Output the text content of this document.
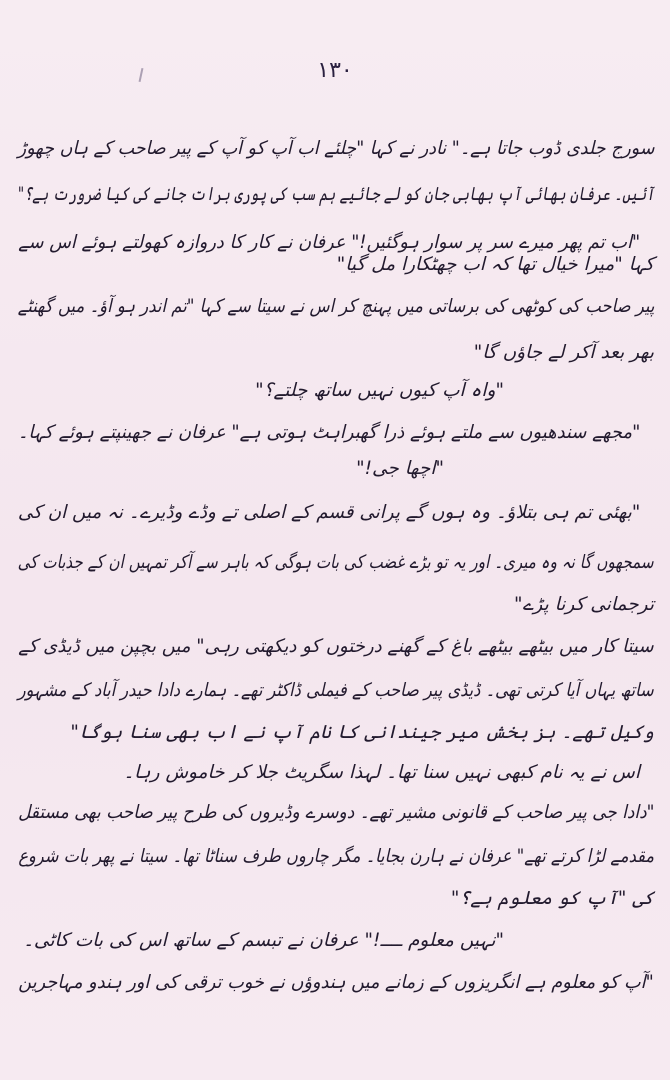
١٣٠
سورج جلدی ڈوب جاتا ہے۔" نادر نے کہا "چلئے اب آپ کو آپ کے پیر صاحب کے ہاں چھوڑ
آئیں۔ عرفان بھائی آپ بھابی جان کو لے جائیے ہم سب کی پوری برات جانے کی کیا ضرورت ہے؟"
"اب تم پھر میرے سر پر سوار ہوگئیں!" عرفان نے کار کا دروازہ کھولتے ہوئے اس سے
کہا "میرا خیال تھا کہ اب چھٹکارا مل گیا"
پیر صاحب کی کوٹھی کی برساتی میں پہنچ کر اس نے سیتا سے کہا "تم اندر ہو آؤ۔ میں گھنٹے
بھر بعد آکر لے جاؤں گا"
"واہ آپ کیوں نہیں ساتھ چلتے؟"
"مجھے سندھیوں سے ملتے ہوئے ذرا گھبراہٹ ہوتی ہے" عرفان نے جھینپتے ہوئے کہا۔
"اچھا جی!"
"بھئی تم ہی بتلاؤ۔ وہ ہوں گے پرانی قسم کے اصلی تے وڈے وڈیرے۔ نہ میں ان کی
سمجھوں گا نہ وہ میری۔ اور یہ تو بڑے غضب کی بات ہوگی کہ باہر سے آکر تمہیں ان کے جذبات کی
ترجمانی کرنا پڑے"
سیتا کار میں بیٹھے بیٹھے باغ کے گھنے درختوں کو دیکھتی رہی" میں بچپن میں ڈیڈی کے
ساتھ یہاں آیا کرتی تھی۔ ڈیڈی پیر صاحب کے فیملی ڈاکٹر تھے۔ ہمارے دادا حیدر آباد کے مشہور
وکیل تھے۔ ہز بخش میر جیندانی کا نام آپ نے اب بھی سنا ہوگا"
اس نے یہ نام کبھی نہیں سنا تھا۔ لہذا سگریٹ جلا کر خاموش رہا۔
"دادا جی پیر صاحب کے قانونی مشیر تھے۔ دوسرے وڈیروں کی طرح پیر صاحب بھی مستقل
مقدمے لڑا کرتے تھے" عرفان نے ہارن بجایا۔ مگر چاروں طرف سناٹا تھا۔ سیتا نے پھر بات شروع
کی "آپ کو معلوم ہے؟"
"نہیں معلوم ــــ!" عرفان نے تبسم کے ساتھ اس کی بات کاٹی۔
"آپ کو معلوم ہے انگریزوں کے زمانے میں ہندوؤں نے خوب ترقی کی اور ہندو مہاجرین
